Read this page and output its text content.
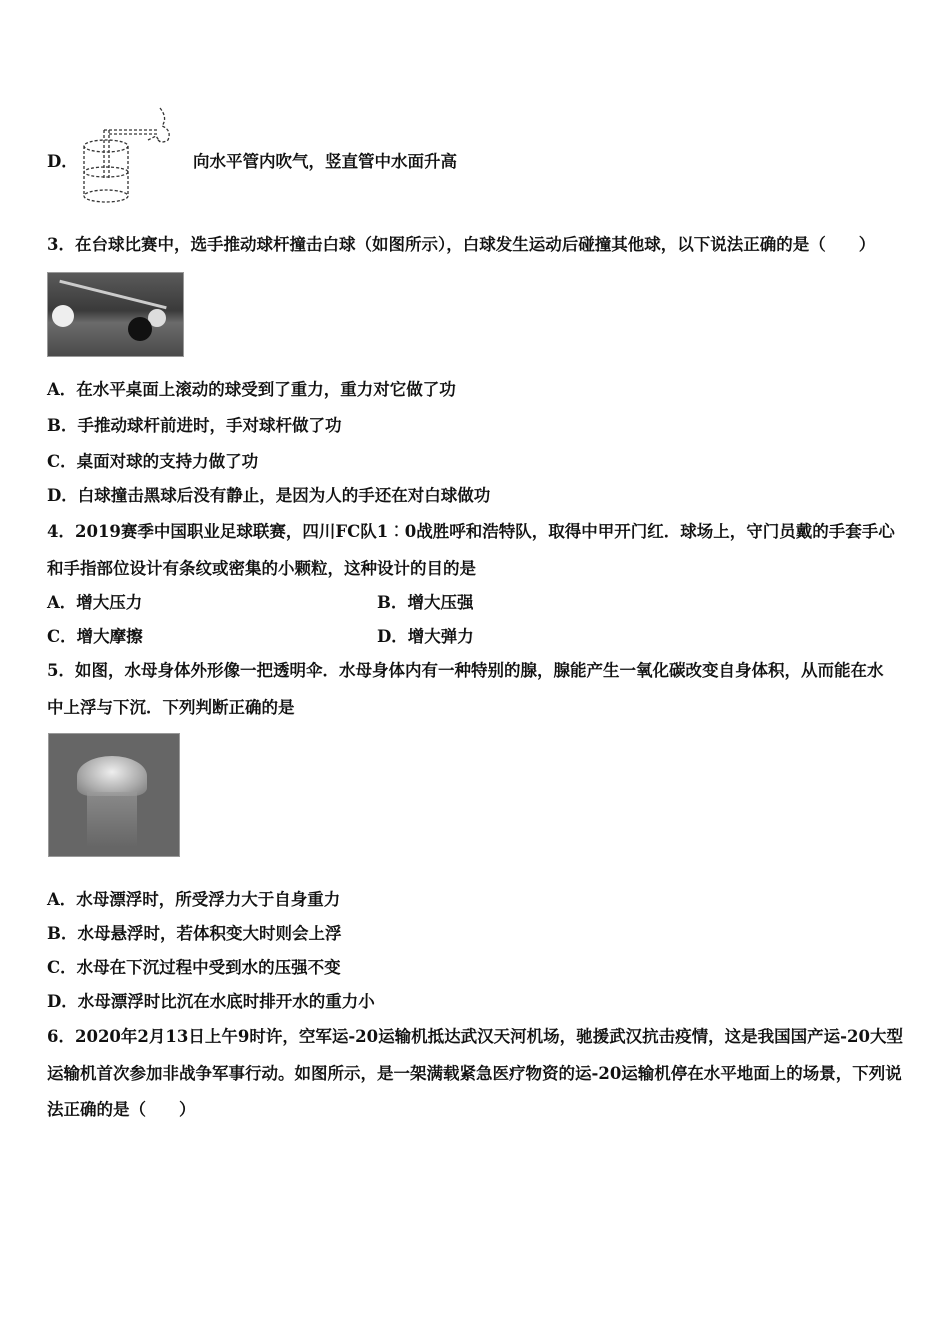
D．	向水平管内吹气，竖直管中水面升高
3．在台球比赛中，选手推动球杆撞击白球（如图所示），白球发生运动后碰撞其他球，以下说法正确的是（　　）
A．在水平桌面上滚动的球受到了重力，重力对它做了功
B．手推动球杆前进时，手对球杆做了功
C．桌面对球的支持力做了功
D．白球撞击黑球后没有静止，是因为人的手还在对白球做功
4．2019赛季中国职业足球联赛，四川FC队1︰0战胜呼和浩特队，取得中甲开门红．球场上，守门员戴的手套手心
和手指部位设计有条纹或密集的小颗粒，这种设计的目的是
A．增大压力	B．增大压强
C．增大摩擦	D．增大弹力
5．如图，水母身体外形像一把透明伞．水母身体内有一种特别的腺，腺能产生一氧化碳改变自身体积，从而能在水
中上浮与下沉．下列判断正确的是
A．水母漂浮时，所受浮力大于自身重力
B．水母悬浮时，若体积变大时则会上浮
C．水母在下沉过程中受到水的压强不变
D．水母漂浮时比沉在水底时排开水的重力小
6．2020年2月13日上午9时许，空军运-20运输机抵达武汉天河机场，驰援武汉抗击疫情，这是我国国产运-20大型
运输机首次参加非战争军事行动。如图所示，是一架满载紧急医疗物资的运-20运输机停在水平地面上的场景，下列说
法正确的是（　　）
